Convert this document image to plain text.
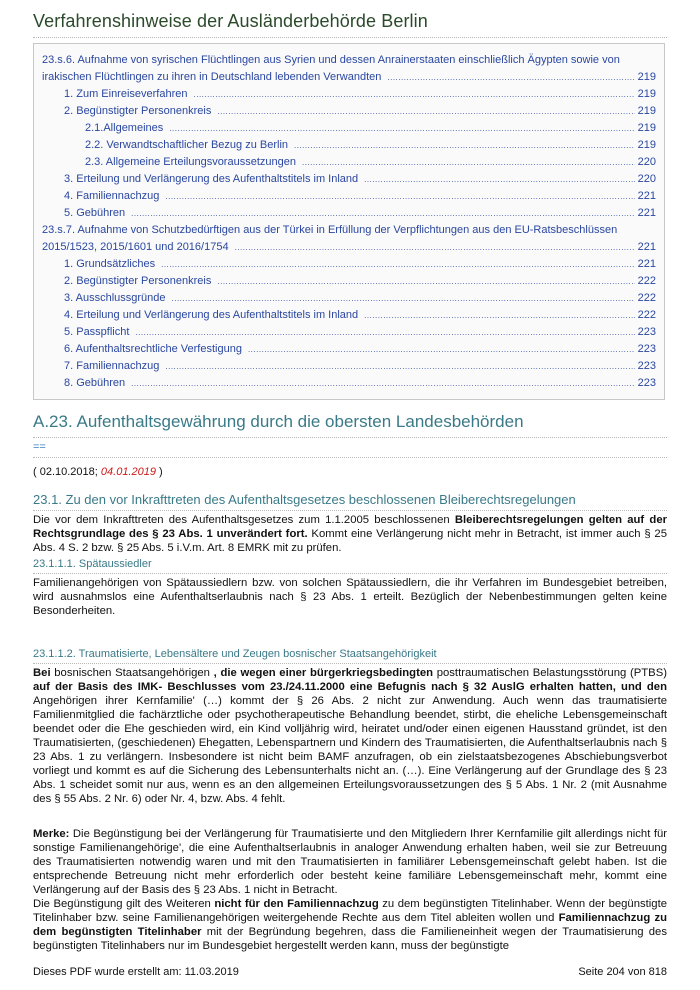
Verfahrenshinweise der Ausländerbehörde Berlin
23.s.6. Aufnahme von syrischen Flüchtlingen aus Syrien und dessen Anrainerstaaten einschließlich Ägypten sowie von
irakischen Flüchtlingen zu ihren in Deutschland lebenden Verwandten .....	219
1. Zum Einreiseverfahren .....	219
2. Begünstigter Personenkreis .....	219
2.1.Allgemeines .....	219
2.2. Verwandtschaftlicher Bezug zu Berlin .....	219
2.3. Allgemeine Erteilungsvoraussetzungen .....	220
3. Erteilung und Verlängerung des Aufenthaltstitels im Inland .....	220
4. Familiennachzug .....	221
5. Gebühren .....	221
23.s.7. Aufnahme von Schutzbedürftigen aus der Türkei in Erfüllung der Verpflichtungen aus den EU-Ratsbeschlüssen
2015/1523, 2015/1601 und 2016/1754 .....	221
1. Grundsätzliches .....	221
2. Begünstigter Personenkreis .....	222
3. Ausschlussgründe .....	222
4. Erteilung und Verlängerung des Aufenthaltstitels im Inland .....	222
5. Passpflicht .....	223
6. Aufenthaltsrechtliche Verfestigung .....	223
7. Familiennachzug .....	223
8. Gebühren .....	223
A.23. Aufenthaltsgewährung durch die obersten Landesbehörden
==
( 02.10.2018; 04.01.2019 )
23.1. Zu den vor Inkrafttreten des Aufenthaltsgesetzes beschlossenen Bleiberechtsregelungen
Die vor dem Inkrafttreten des Aufenthaltsgesetzes zum 1.1.2005 beschlossenen Bleiberechtsregelungen gelten auf der Rechtsgrundlage des § 23 Abs. 1 unverändert fort. Kommt eine Verlängerung nicht mehr in Betracht, ist immer auch § 25 Abs. 4 S. 2 bzw. § 25 Abs. 5 i.V.m. Art. 8 EMRK mit zu prüfen.
23.1.1.1. Spätaussiedler
Familienangehörigen von Spätaussiedlern bzw. von solchen Spätaussiedlern, die ihr Verfahren im Bundesgebiet betreiben, wird ausnahmslos eine Aufenthaltserlaubnis nach § 23 Abs. 1 erteilt. Bezüglich der Nebenbestimmungen gelten keine Besonderheiten.
23.1.1.2. Traumatisierte, Lebensältere und Zeugen bosnischer Staatsangehörigkeit
Bei bosnischen Staatsangehörigen , die wegen einer bürgerkriegsbedingten posttraumatischen Belastungsstörung (PTBS) auf der Basis des IMK- Beschlusses vom 23./24.11.2000 eine Befugnis nach § 32 AuslG erhalten hatten, und den Angehörigen ihrer Kernfamilie' (…) kommt der § 26 Abs. 2 nicht zur Anwendung. Auch wenn das traumatisierte Familienmitglied die fachärztliche oder psychotherapeutische Behandlung beendet, stirbt, die eheliche Lebensgemeinschaft beendet oder die Ehe geschieden wird, ein Kind volljährig wird, heiratet und/oder einen eigenen Hausstand gründet, ist den Traumatisierten, (geschiedenen) Ehegatten, Lebenspartnern und Kindern des Traumatisierten, die Aufenthaltserlaubnis nach § 23 Abs. 1 zu verlängern. Insbesondere ist nicht beim BAMF anzufragen, ob ein zielstaatsbezogenes Abschiebungsverbot vorliegt und kommt es auf die Sicherung des Lebensunterhalts nicht an. (…). Eine Verlängerung auf der Grundlage des § 23 Abs. 1 scheidet somit nur aus, wenn es an den allgemeinen Erteilungsvoraussetzungen des § 5 Abs. 1 Nr. 2 (mit Ausnahme des § 55 Abs. 2 Nr. 6) oder Nr. 4, bzw. Abs. 4 fehlt.
Merke: Die Begünstigung bei der Verlängerung für Traumatisierte und den Mitgliedern Ihrer Kernfamilie gilt allerdings nicht für sonstige Familienangehörige', die eine Aufenthaltserlaubnis in analoger Anwendung erhalten haben, weil sie zur Betreuung des Traumatisierten notwendig waren und mit den Traumatisierten in familiärer Lebensgemeinschaft gelebt haben. Ist die entsprechende Betreuung nicht mehr erforderlich oder besteht keine familiäre Lebensgemeinschaft mehr, kommt eine Verlängerung auf der Basis des § 23 Abs. 1 nicht in Betracht.
Die Begünstigung gilt des Weiteren nicht für den Familiennachzug zu dem begünstigten Titelinhaber. Wenn der begünstigte Titelinhaber bzw. seine Familienangehörigen weitergehende Rechte aus dem Titel ableiten wollen und Familiennachzug zu dem begünstigten Titelinhaber mit der Begründung begehren, dass die Familieneinheit wegen der Traumatisierung des begünstigten Titelinhabers nur im Bundesgebiet hergestellt werden kann, muss der begünstigte
Dieses PDF wurde erstellt am: 11.03.2019	Seite 204 von 818
